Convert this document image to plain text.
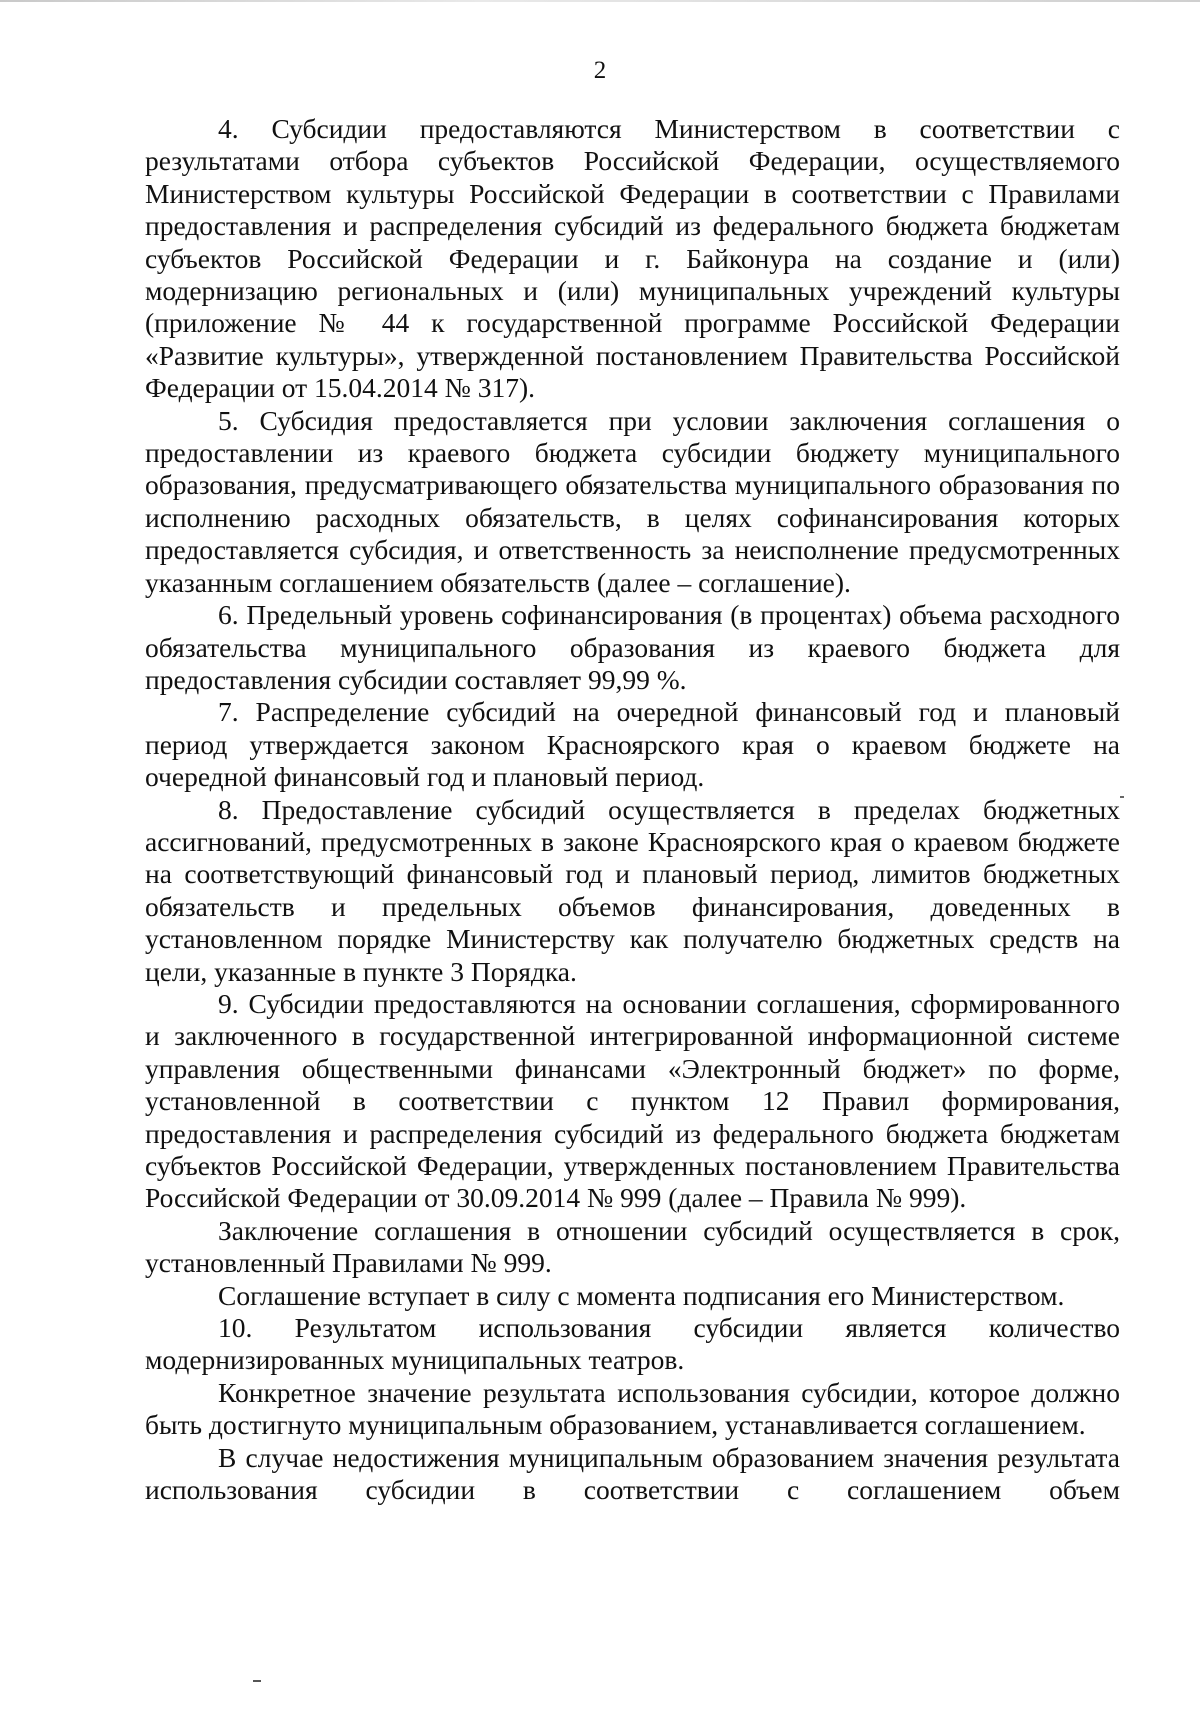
2

4. Субсидии предоставляются Министерством в соответствии с результатами отбора субъектов Российской Федерации, осуществляемого Министерством культуры Российской Федерации в соответствии с Правилами предоставления и распределения субсидий из федерального бюджета бюджетам субъектов Российской Федерации и г. Байконура на создание и (или) модернизацию региональных и (или) муниципальных учреждений культуры (приложение № 44 к государственной программе Российской Федерации «Развитие культуры», утвержденной постановлением Правительства Российской Федерации от 15.04.2014 № 317).

5. Субсидия предоставляется при условии заключения соглашения о предоставлении из краевого бюджета субсидии бюджету муниципального образования, предусматривающего обязательства муниципального образования по исполнению расходных обязательств, в целях софинансирования которых предоставляется субсидия, и ответственность за неисполнение предусмотренных указанным соглашением обязательств (далее – соглашение).

6. Предельный уровень софинансирования (в процентах) объема расходного обязательства муниципального образования из краевого бюджета для предоставления субсидии составляет 99,99 %.

7. Распределение субсидий на очередной финансовый год и плановый период утверждается законом Красноярского края о краевом бюджете на очередной финансовый год и плановый период.

8. Предоставление субсидий осуществляется в пределах бюджетных ассигнований, предусмотренных в законе Красноярского края о краевом бюджете на соответствующий финансовый год и плановый период, лимитов бюджетных обязательств и предельных объемов финансирования, доведенных в установленном порядке Министерству как получателю бюджетных средств на цели, указанные в пункте 3 Порядка.

9. Субсидии предоставляются на основании соглашения, сформированного и заключенного в государственной интегрированной информационной системе управления общественными финансами «Электронный бюджет» по форме, установленной в соответствии с пунктом 12 Правил формирования, предоставления и распределения субсидий из федерального бюджета бюджетам субъектов Российской Федерации, утвержденных постановлением Правительства Российской Федерации от 30.09.2014 № 999 (далее – Правила № 999).

Заключение соглашения в отношении субсидий осуществляется в срок, установленный Правилами № 999.

Соглашение вступает в силу с момента подписания его Министерством.

10. Результатом использования субсидии является количество модернизированных муниципальных театров.

Конкретное значение результата использования субсидии, которое должно быть достигнуто муниципальным образованием, устанавливается соглашением.

В случае недостижения муниципальным образованием значения результата использования субсидии в соответствии с соглашением объем
